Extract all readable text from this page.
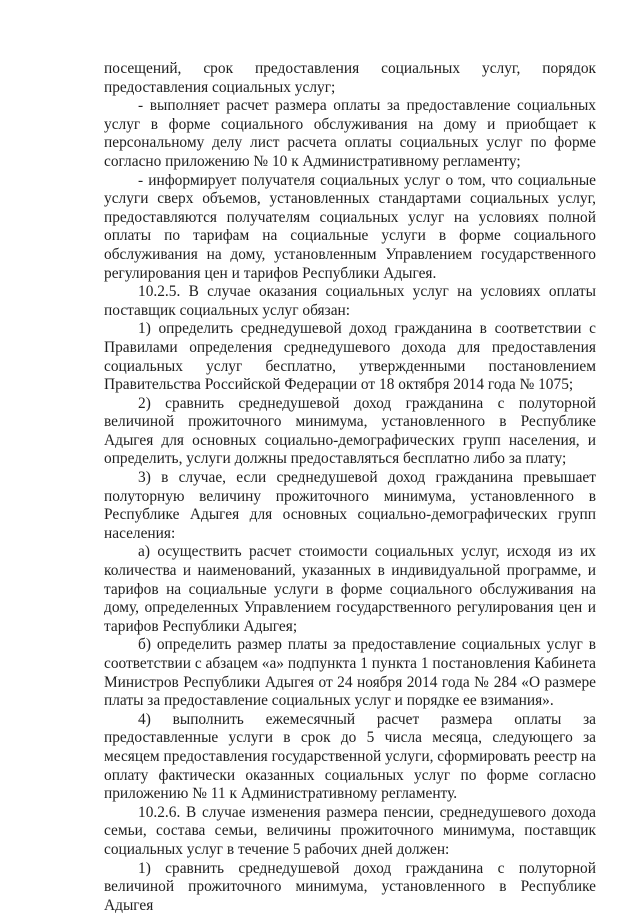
посещений, срок предоставления социальных услуг, порядок предоставления социальных услуг;

- выполняет расчет размера оплаты за предоставление социальных услуг в форме социального обслуживания на дому и приобщает к персональному делу лист расчета оплаты социальных услуг по форме согласно приложению № 10 к Административному регламенту;

- информирует получателя социальных услуг о том, что социальные услуги сверх объемов, установленных стандартами социальных услуг, предоставляются получателям социальных услуг на условиях полной оплаты по тарифам на социальные услуги в форме социального обслуживания на дому, установленным Управлением государственного регулирования цен и тарифов Республики Адыгея.

10.2.5. В случае оказания социальных услуг на условиях оплаты поставщик социальных услуг обязан:

1) определить среднедушевой доход гражданина в соответствии с Правилами определения среднедушевого дохода для предоставления социальных услуг бесплатно, утвержденными постановлением Правительства Российской Федерации от 18 октября 2014 года № 1075;

2) сравнить среднедушевой доход гражданина с полуторной величиной прожиточного минимума, установленного в Республике Адыгея для основных социально-демографических групп населения, и определить, услуги должны предоставляться бесплатно либо за плату;

3) в случае, если среднедушевой доход гражданина превышает полуторную величину прожиточного минимума, установленного в Республике Адыгея для основных социально-демографических групп населения:

а) осуществить расчет стоимости социальных услуг, исходя из их количества и наименований, указанных в индивидуальной программе, и тарифов на социальные услуги в форме социального обслуживания на дому, определенных Управлением государственного регулирования цен и тарифов Республики Адыгея;

б) определить размер платы за предоставление социальных услуг в соответствии с абзацем «а» подпункта 1 пункта 1 постановления Кабинета Министров Республики Адыгея от 24 ноября 2014 года № 284 «О размере платы за предоставление социальных услуг и порядке ее взимания».

4) выполнить ежемесячный расчет размера оплаты за предоставленные услуги в срок до 5 числа месяца, следующего за месяцем предоставления государственной услуги, сформировать реестр на оплату фактически оказанных социальных услуг по форме согласно приложению № 11 к Административному регламенту.

10.2.6. В случае изменения размера пенсии, среднедушевого дохода семьи, состава семьи, величины прожиточного минимума, поставщик социальных услуг в течение 5 рабочих дней должен:

1) сравнить среднедушевой доход гражданина с полуторной величиной прожиточного минимума, установленного в Республике Адыгея
